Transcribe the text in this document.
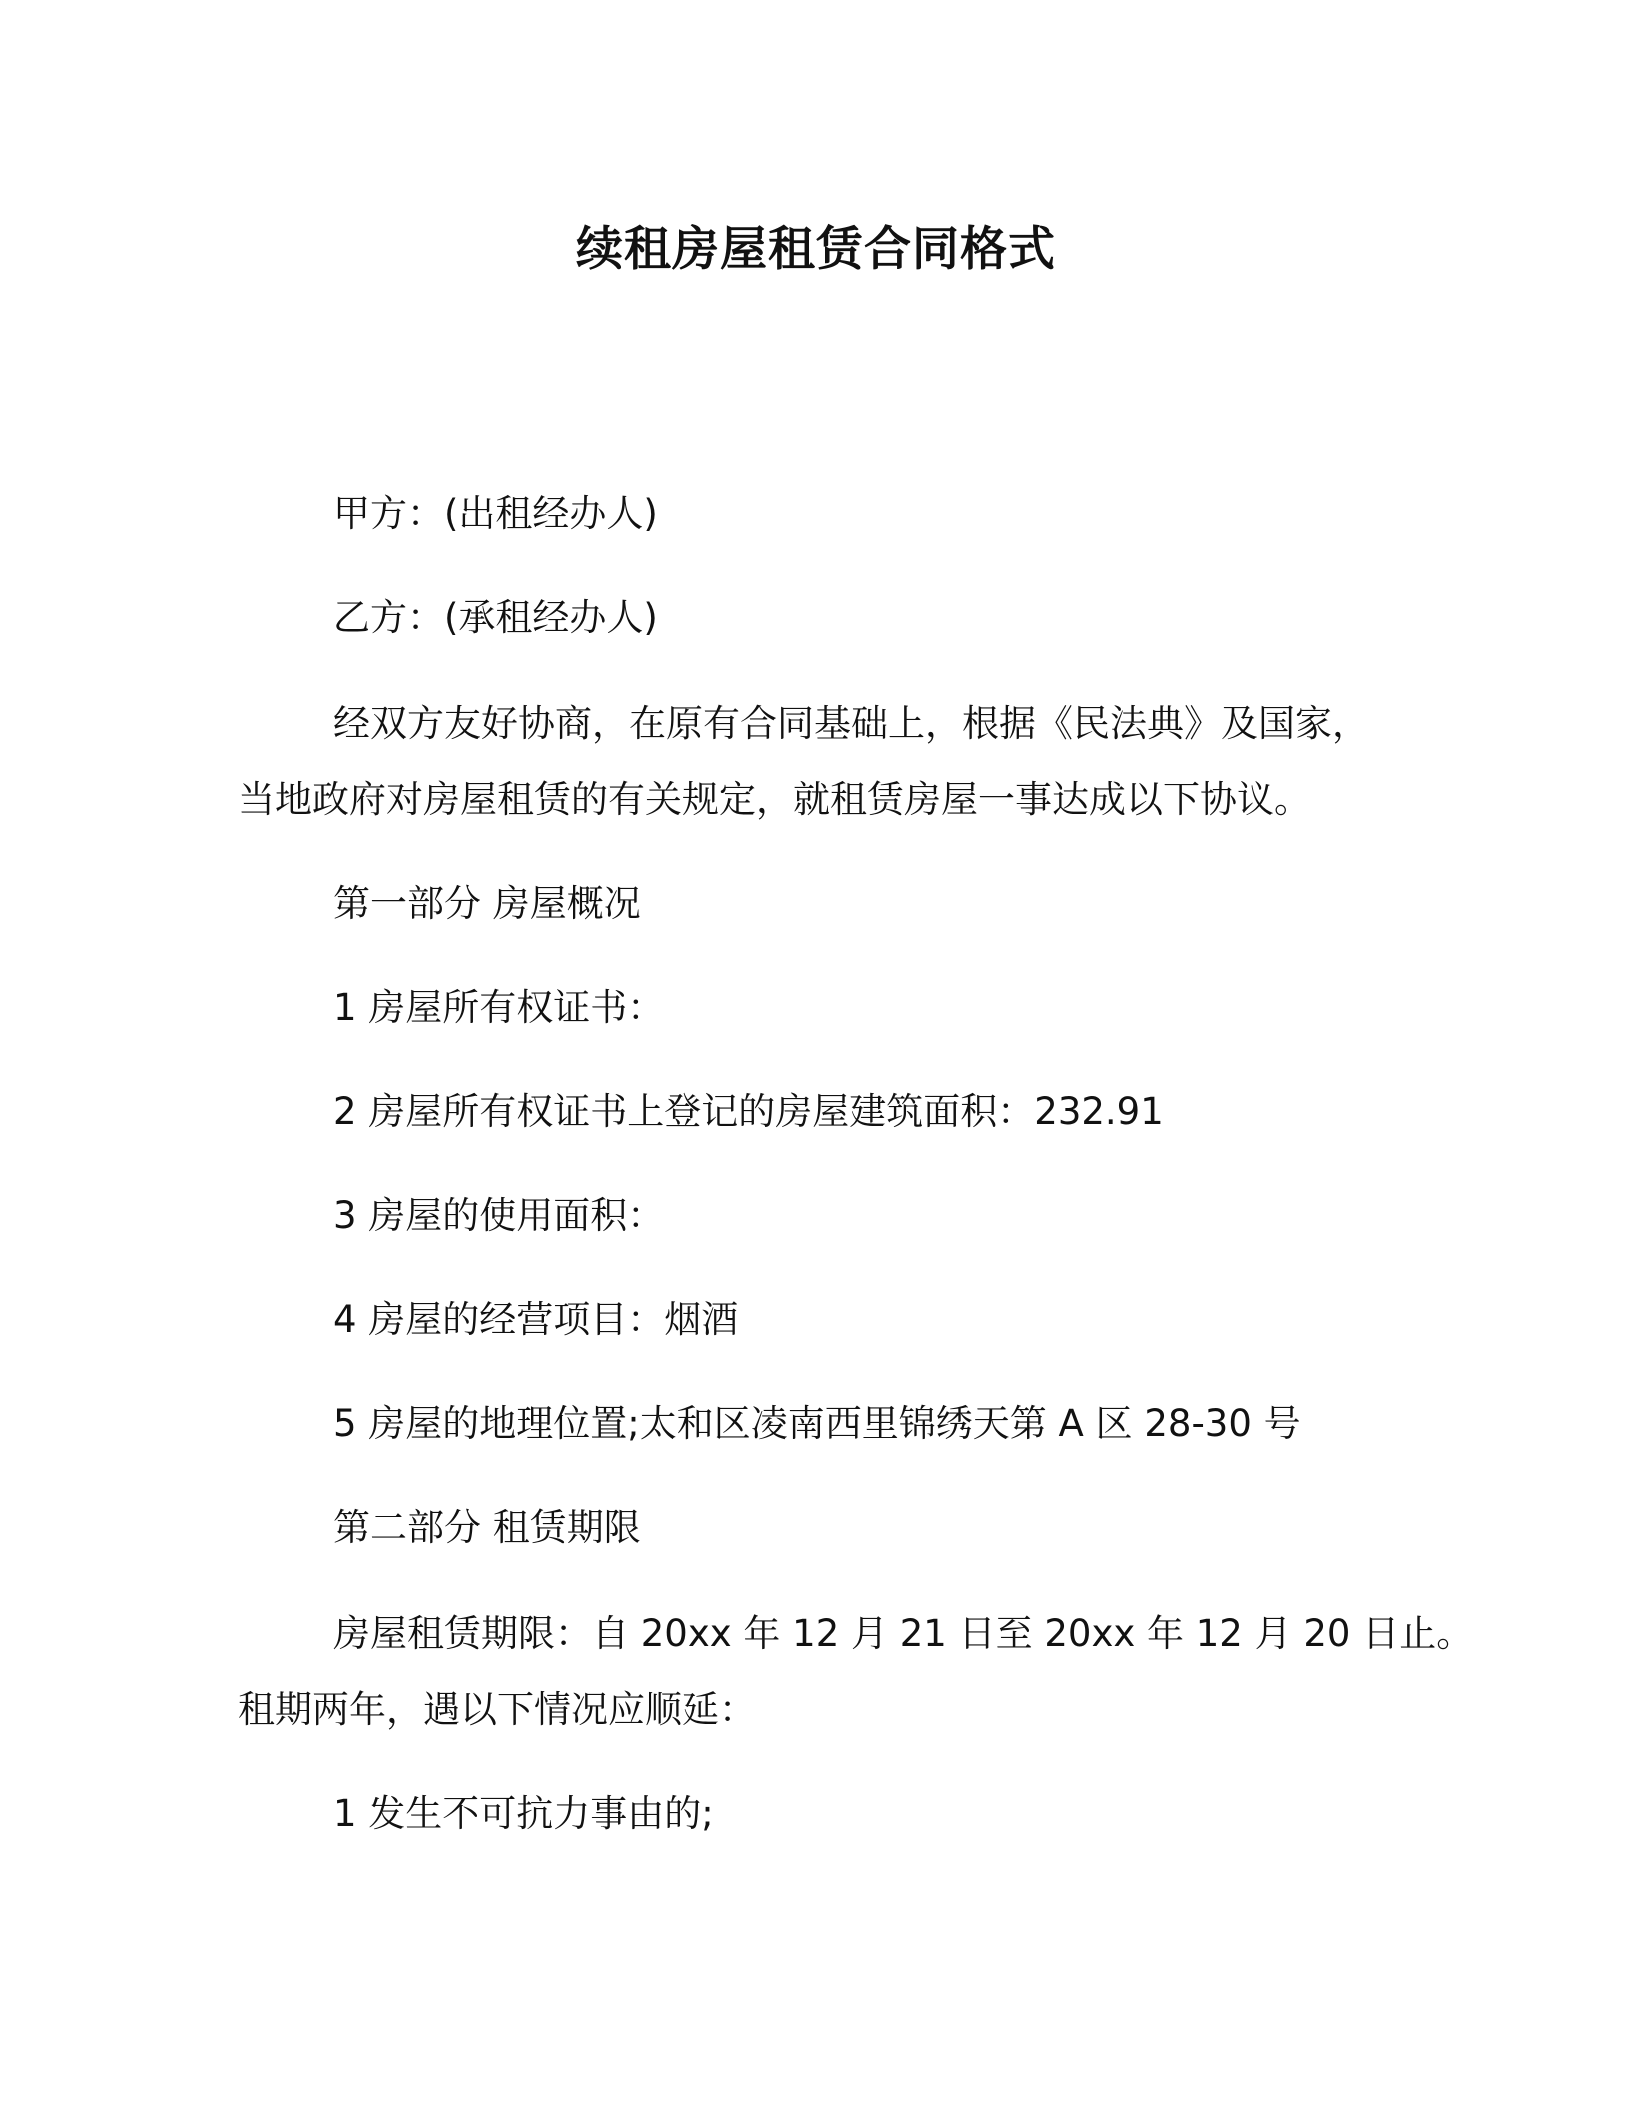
续租房屋租赁合同格式
甲方：(出租经办人)
乙方：(承租经办人)
经双方友好协商，在原有合同基础上，根据《民法典》及国家，
当地政府对房屋租赁的有关规定，就租赁房屋一事达成以下协议。
第一部分 房屋概况
1 房屋所有权证书：
2 房屋所有权证书上登记的房屋建筑面积：232.91
3 房屋的使用面积：
4 房屋的经营项目：烟酒
5 房屋的地理位置;太和区凌南西里锦绣天第 A 区 28-30 号
第二部分 租赁期限
房屋租赁期限：自 20xx 年 12 月 21 日至 20xx 年 12 月 20 日止。
租期两年，遇以下情况应顺延：
1 发生不可抗力事由的;
